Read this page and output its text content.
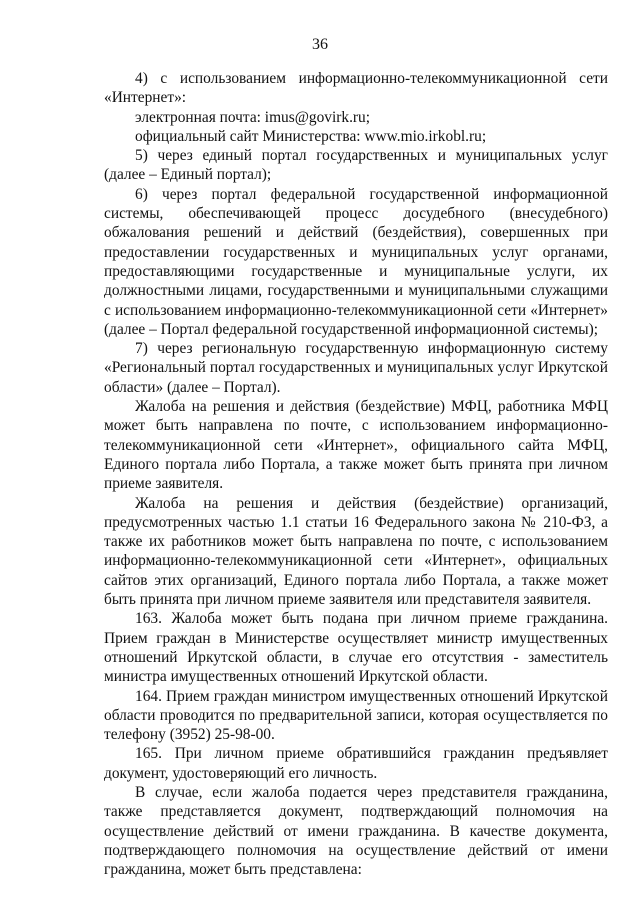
36

4) с использованием информационно-телекоммуникационной сети «Интернет»:

электронная почта: imus@govirk.ru;

официальный сайт Министерства: www.mio.irkobl.ru;

5) через единый портал государственных и муниципальных услуг (далее – Единый портал);

6) через портал федеральной государственной информационной системы, обеспечивающей процесс досудебного (внесудебного) обжалования решений и действий (бездействия), совершенных при предоставлении государственных и муниципальных услуг органами, предоставляющими государственные и муниципальные услуги, их должностными лицами, государственными и муниципальными служащими с использованием информационно-телекоммуникационной сети «Интернет» (далее – Портал федеральной государственной информационной системы);

7) через региональную государственную информационную систему «Региональный портал государственных и муниципальных услуг Иркутской области» (далее – Портал).

Жалоба на решения и действия (бездействие) МФЦ, работника МФЦ может быть направлена по почте, с использованием информационно-телекоммуникационной сети «Интернет», официального сайта МФЦ, Единого портала либо Портала, а также может быть принята при личном приеме заявителя.

Жалоба на решения и действия (бездействие) организаций, предусмотренных частью 1.1 статьи 16 Федерального закона № 210-ФЗ, а также их работников может быть направлена по почте, с использованием информационно-телекоммуникационной сети «Интернет», официальных сайтов этих организаций, Единого портала либо Портала, а также может быть принята при личном приеме заявителя или представителя заявителя.

163. Жалоба может быть подана при личном приеме гражданина. Прием граждан в Министерстве осуществляет министр имущественных отношений Иркутской области, в случае его отсутствия - заместитель министра имущественных отношений Иркутской области.

164. Прием граждан министром имущественных отношений Иркутской области проводится по предварительной записи, которая осуществляется по телефону (3952) 25-98-00.

165. При личном приеме обратившийся гражданин предъявляет документ, удостоверяющий его личность.

В случае, если жалоба подается через представителя гражданина, также представляется документ, подтверждающий полномочия на осуществление действий от имени гражданина. В качестве документа, подтверждающего полномочия на осуществление действий от имени гражданина, может быть представлена:
